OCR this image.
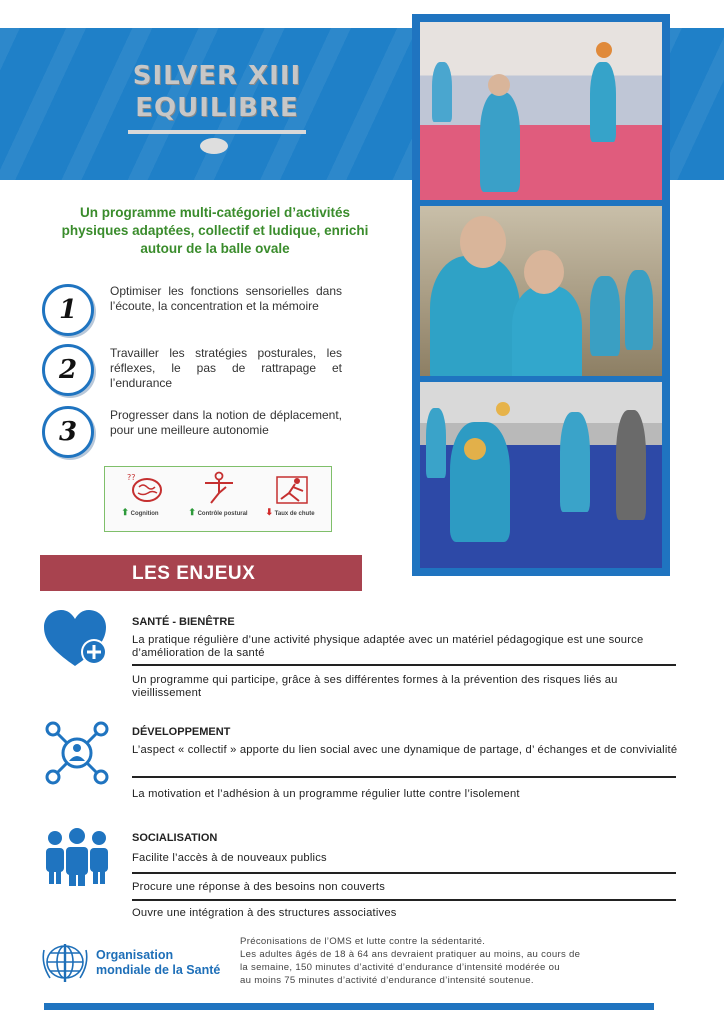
SILVER XIII
EQUILIBRE
Un programme multi-catégoriel d’activités
physiques adaptées, collectif et ludique, enrichi
autour de la balle ovale
1
Optimiser les fonctions sensorielles dans l’écoute, la concentration et la mémoire
2
Travailler les stratégies posturales, les réflexes, le pas de rattrapage et l’endurance
3
Progresser dans la notion de déplacement, pour une meilleure autonomie
??
⬆ Cognition	⬆ Contrôle postural	⬇ Taux de chute
LES ENJEUX
SANTÉ - BIENÊTRE
La pratique régulière d’une activité physique adaptée avec un matériel pédagogique est une source d’amélioration de la santé
Un programme qui participe, grâce à ses différentes formes à la prévention des risques liés au vieillissement
DÉVELOPPEMENT
L’aspect « collectif » apporte du lien social avec une dynamique de partage, d’ échanges et de convivialité
La motivation et l’adhésion à un programme régulier lutte contre l’isolement
SOCIALISATION
Facilite l’accès à de nouveaux publics
Procure une réponse à des besoins non couverts
Ouvre une intégration à des structures associatives
Organisation
mondiale de la Santé
Préconisations de l’OMS et lutte contre la sédentarité.
Les adultes âgés de 18 à 64 ans devraient pratiquer au moins, au cours de
la semaine, 150 minutes d’activité d’endurance d’intensité modérée ou
au moins 75 minutes d’activité d’endurance d’intensité soutenue.
